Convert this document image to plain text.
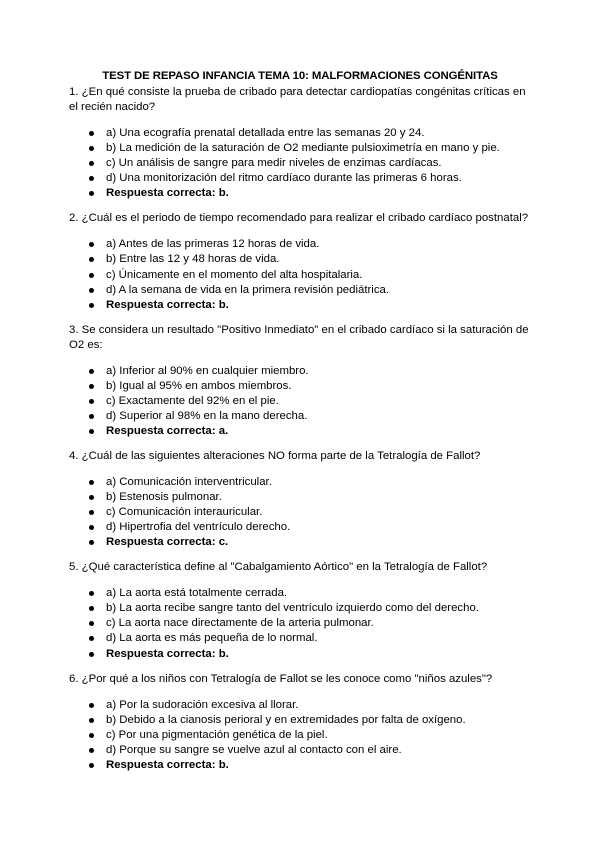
TEST DE REPASO INFANCIA TEMA 10: MALFORMACIONES CONGÉNITAS

1. ¿En qué consiste la prueba de cribado para detectar cardiopatías congénitas críticas en el recién nacido?

a) Una ecografía prenatal detallada entre las semanas 20 y 24.
b) La medición de la saturación de O2 mediante pulsioximetría en mano y pie.
c) Un análisis de sangre para medir niveles de enzimas cardíacas.
d) Una monitorización del ritmo cardíaco durante las primeras 6 horas.
Respuesta correcta: b.

2. ¿Cuál es el periodo de tiempo recomendado para realizar el cribado cardíaco postnatal?

a) Antes de las primeras 12 horas de vida.
b) Entre las 12 y 48 horas de vida.
c) Únicamente en el momento del alta hospitalaria.
d) A la semana de vida en la primera revisión pediátrica.
Respuesta correcta: b.

3. Se considera un resultado "Positivo Inmediato" en el cribado cardíaco si la saturación de O2 es:

a) Inferior al 90% en cualquier miembro.
b) Igual al 95% en ambos miembros.
c) Exactamente del 92% en el pie.
d) Superior al 98% en la mano derecha.
Respuesta correcta: a.

4. ¿Cuál de las siguientes alteraciones NO forma parte de la Tetralogía de Fallot?

a) Comunicación interventricular.
b) Estenosis pulmonar.
c) Comunicación interauricular.
d) Hipertrofia del ventrículo derecho.
Respuesta correcta: c.

5. ¿Qué característica define al "Cabalgamiento Aórtico" en la Tetralogía de Fallot?

a) La aorta está totalmente cerrada.
b) La aorta recibe sangre tanto del ventrículo izquierdo como del derecho.
c) La aorta nace directamente de la arteria pulmonar.
d) La aorta es más pequeña de lo normal.
Respuesta correcta: b.

6. ¿Por qué a los niños con Tetralogía de Fallot se les conoce como "niños azules"?

a) Por la sudoración excesiva al llorar.
b) Debido a la cianosis perioral y en extremidades por falta de oxígeno.
c) Por una pigmentación genética de la piel.
d) Porque su sangre se vuelve azul al contacto con el aire.
Respuesta correcta: b.
